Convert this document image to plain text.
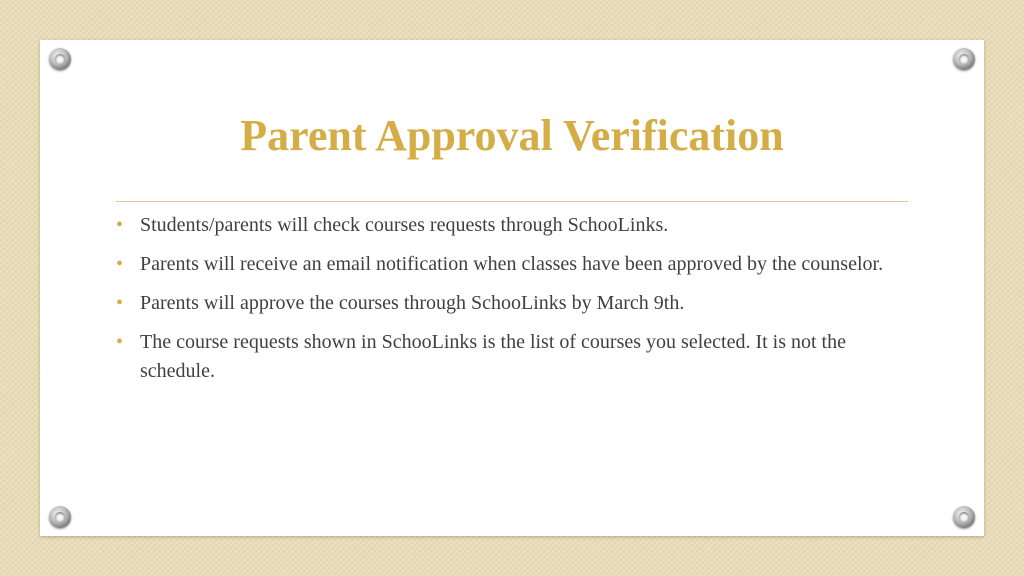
Parent Approval Verification
• Students/parents will check courses requests through SchooLinks.
• Parents will receive an email notification when classes have been approved by the counselor.
• Parents will approve the courses through SchooLinks by March 9th.
• The course requests shown in SchooLinks is the list of courses you selected. It is not the schedule.
